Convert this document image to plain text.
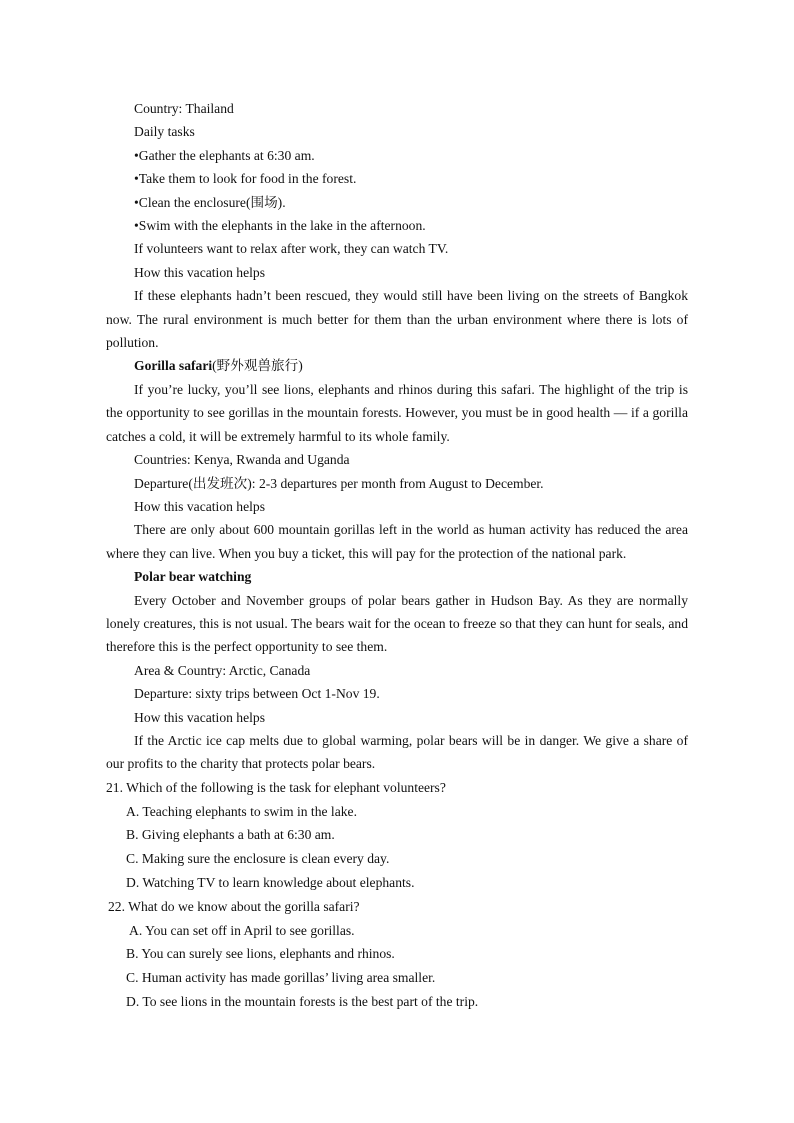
Country: Thailand

Daily tasks

•Gather the elephants at 6:30 am.

•Take them to look for food in the forest.

•Clean the enclosure(围场).

•Swim with the elephants in the lake in the afternoon.

If volunteers want to relax after work, they can watch TV.

How this vacation helps

If these elephants hadn’t been rescued, they would still have been living on the streets of Bangkok now. The rural environment is much better for them than the urban environment where there is lots of pollution.

Gorilla safari(野外观兽旅行)

If you’re lucky, you’ll see lions, elephants and rhinos during this safari. The highlight of the trip is the opportunity to see gorillas in the mountain forests. However, you must be in good health — if a gorilla catches a cold, it will be extremely harmful to its whole family.

Countries: Kenya, Rwanda and Uganda

Departure(出发班次): 2-3 departures per month from August to December.

How this vacation helps

There are only about 600 mountain gorillas left in the world as human activity has reduced the area where they can live. When you buy a ticket, this will pay for the protection of the national park.

Polar bear watching

Every October and November groups of polar bears gather in Hudson Bay. As they are normally lonely creatures, this is not usual. The bears wait for the ocean to freeze so that they can hunt for seals, and therefore this is the perfect opportunity to see them.

Area & Country: Arctic, Canada

Departure: sixty trips between Oct 1-Nov 19.

How this vacation helps

If the Arctic ice cap melts due to global warming, polar bears will be in danger. We give a share of our profits to the charity that protects polar bears.

21. Which of the following is the task for elephant volunteers?

A. Teaching elephants to swim in the lake.

B. Giving elephants a bath at 6:30 am.

C. Making sure the enclosure is clean every day.

D. Watching TV to learn knowledge about elephants.

22. What do we know about the gorilla safari?

A. You can set off in April to see gorillas.

B. You can surely see lions, elephants and rhinos.

C. Human activity has made gorillas’ living area smaller.

D. To see lions in the mountain forests is the best part of the trip.
